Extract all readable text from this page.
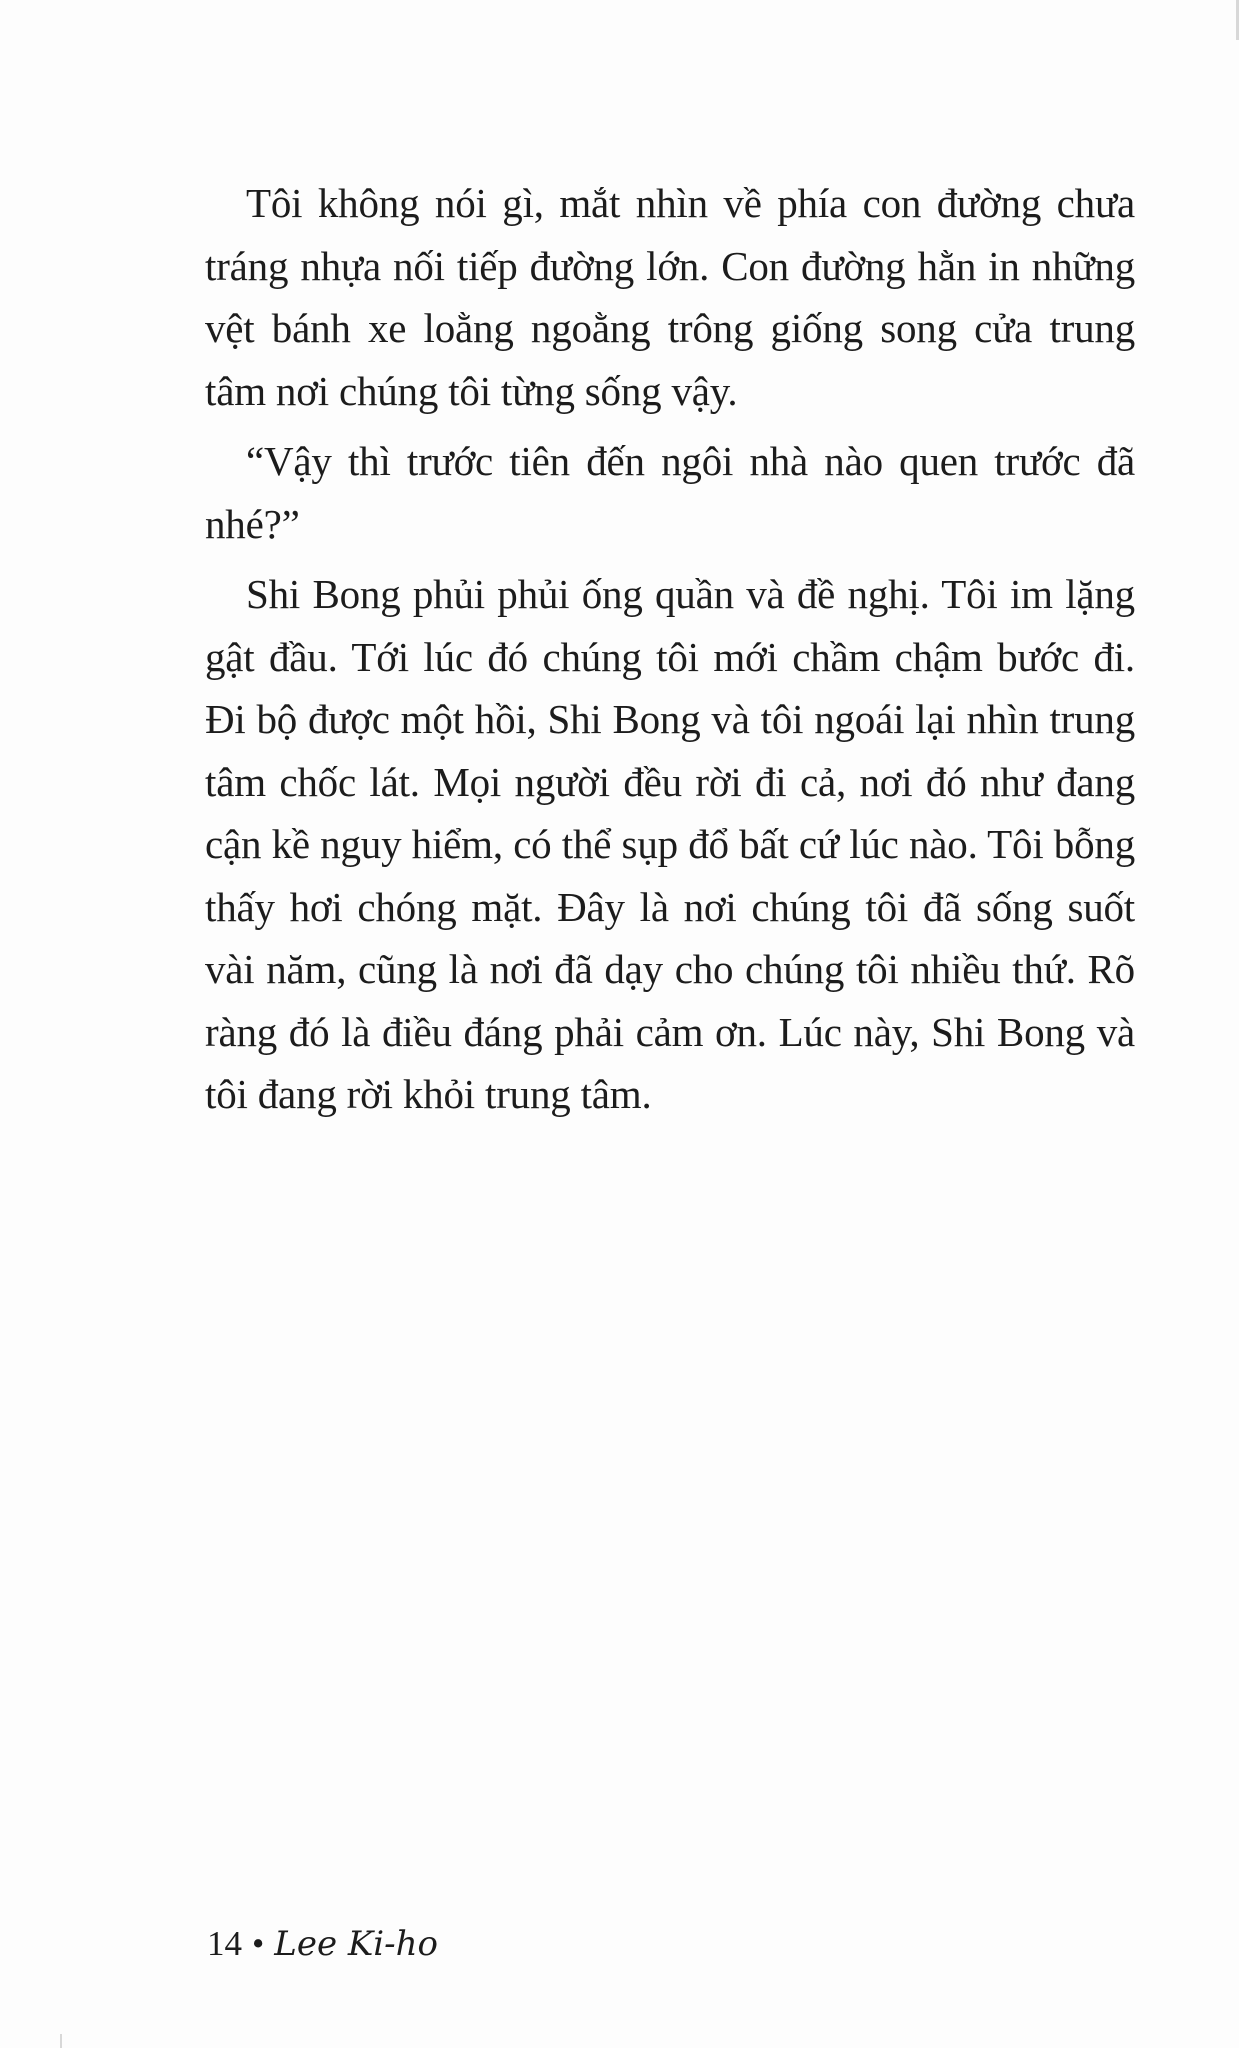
Tôi không nói gì, mắt nhìn về phía con đường chưa tráng nhựa nối tiếp đường lớn. Con đường hằn in những vệt bánh xe loằng ngoằng trông giống song cửa trung tâm nơi chúng tôi từng sống vậy.

“Vậy thì trước tiên đến ngôi nhà nào quen trước đã nhé?”

Shi Bong phủi phủi ống quần và đề nghị. Tôi im lặng gật đầu. Tới lúc đó chúng tôi mới chầm chậm bước đi. Đi bộ được một hồi, Shi Bong và tôi ngoái lại nhìn trung tâm chốc lát. Mọi người đều rời đi cả, nơi đó như đang cận kề nguy hiểm, có thể sụp đổ bất cứ lúc nào. Tôi bỗng thấy hơi chóng mặt. Đây là nơi chúng tôi đã sống suốt vài năm, cũng là nơi đã dạy cho chúng tôi nhiều thứ. Rõ ràng đó là điều đáng phải cảm ơn. Lúc này, Shi Bong và tôi đang rời khỏi trung tâm.

14 • Lee Ki-ho
